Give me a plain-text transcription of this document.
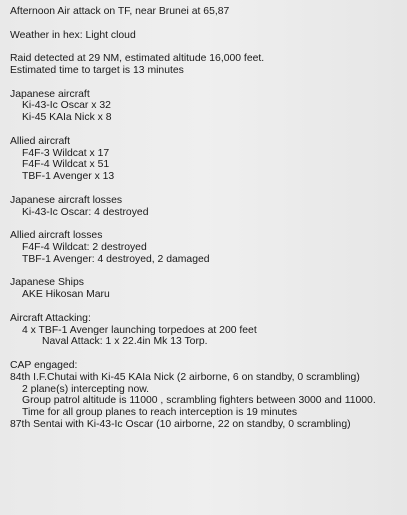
Afternoon Air attack on TF, near Brunei at 65,87
Weather in hex: Light cloud
Raid detected at 29 NM, estimated altitude 16,000 feet.
Estimated time to target is 13 minutes
Japanese aircraft
Ki-43-Ic Oscar x 32
Ki-45 KAIa Nick x 8
Allied aircraft
F4F-3 Wildcat x 17
F4F-4 Wildcat x 51
TBF-1 Avenger x 13
Japanese aircraft losses
Ki-43-Ic Oscar: 4 destroyed
Allied aircraft losses
F4F-4 Wildcat: 2 destroyed
TBF-1 Avenger: 4 destroyed, 2 damaged
Japanese Ships
AKE Hikosan Maru
Aircraft Attacking:
4 x TBF-1 Avenger launching torpedoes at 200 feet
Naval Attack: 1 x 22.4in Mk 13 Torp.
CAP engaged:
84th I.F.Chutai with Ki-45 KAIa Nick (2 airborne, 6 on standby, 0 scrambling)
2 plane(s) intercepting now.
Group patrol altitude is 11000 , scrambling fighters between 3000 and 11000.
Time for all group planes to reach interception is 19 minutes
87th Sentai with Ki-43-Ic Oscar (10 airborne, 22 on standby, 0 scrambling)
